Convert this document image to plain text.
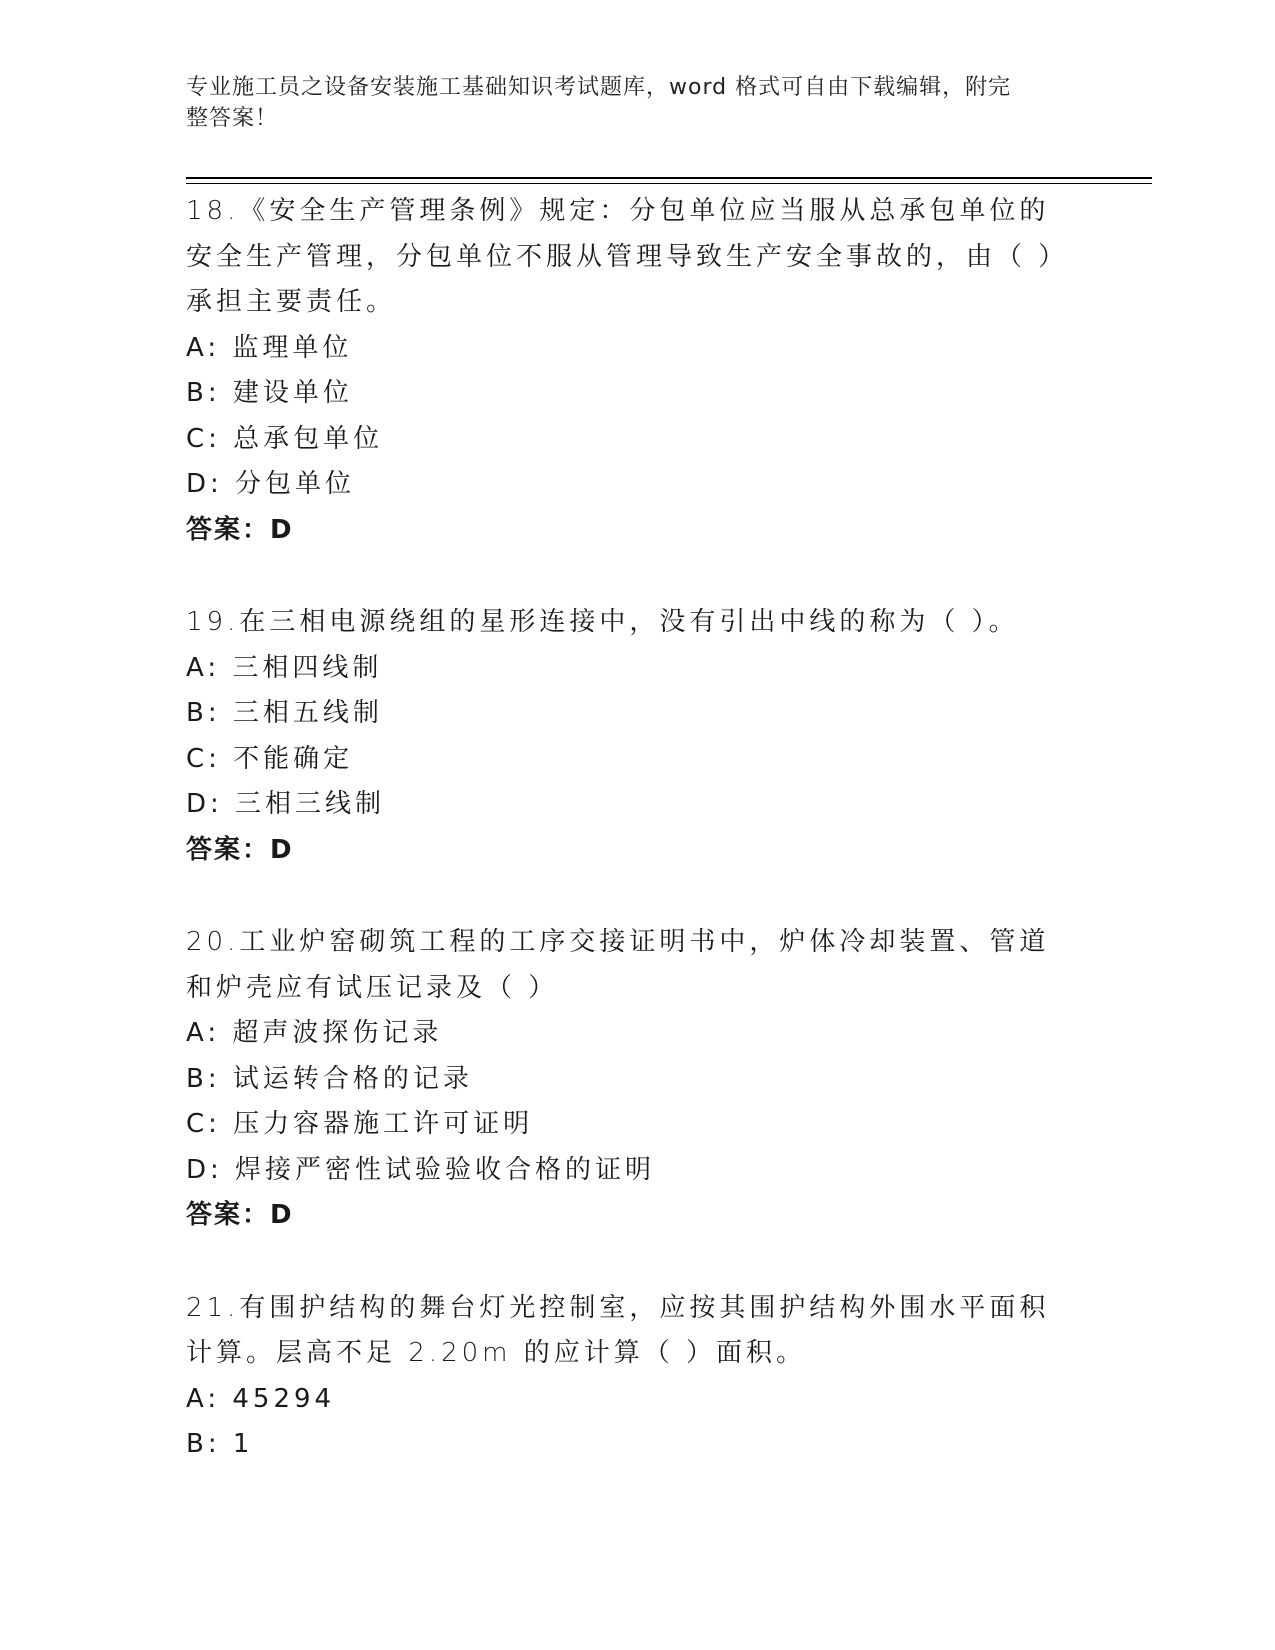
专业施工员之设备安装施工基础知识考试题库，word 格式可自由下载编辑，附完
整答案！

18.《安全生产管理条例》规定：分包单位应当服从总承包单位的安全生产管理，分包单位不服从管理导致生产安全事故的，由（ ）承担主要责任。

A: 监理单位

B: 建设单位

C: 总承包单位

D: 分包单位

答案：D

19.在三相电源绕组的星形连接中，没有引出中线的称为（ ）。

A: 三相四线制

B: 三相五线制

C: 不能确定

D: 三相三线制

答案：D

20.工业炉窑砌筑工程的工序交接证明书中，炉体冷却装置、管道和炉壳应有试压记录及（ ）

A: 超声波探伤记录

B: 试运转合格的记录

C: 压力容器施工许可证明

D: 焊接严密性试验验收合格的证明

答案：D

21.有围护结构的舞台灯光控制室，应按其围护结构外围水平面积计算。层高不足 2.20m 的应计算（ ）面积。

A: 45294

B: 1
